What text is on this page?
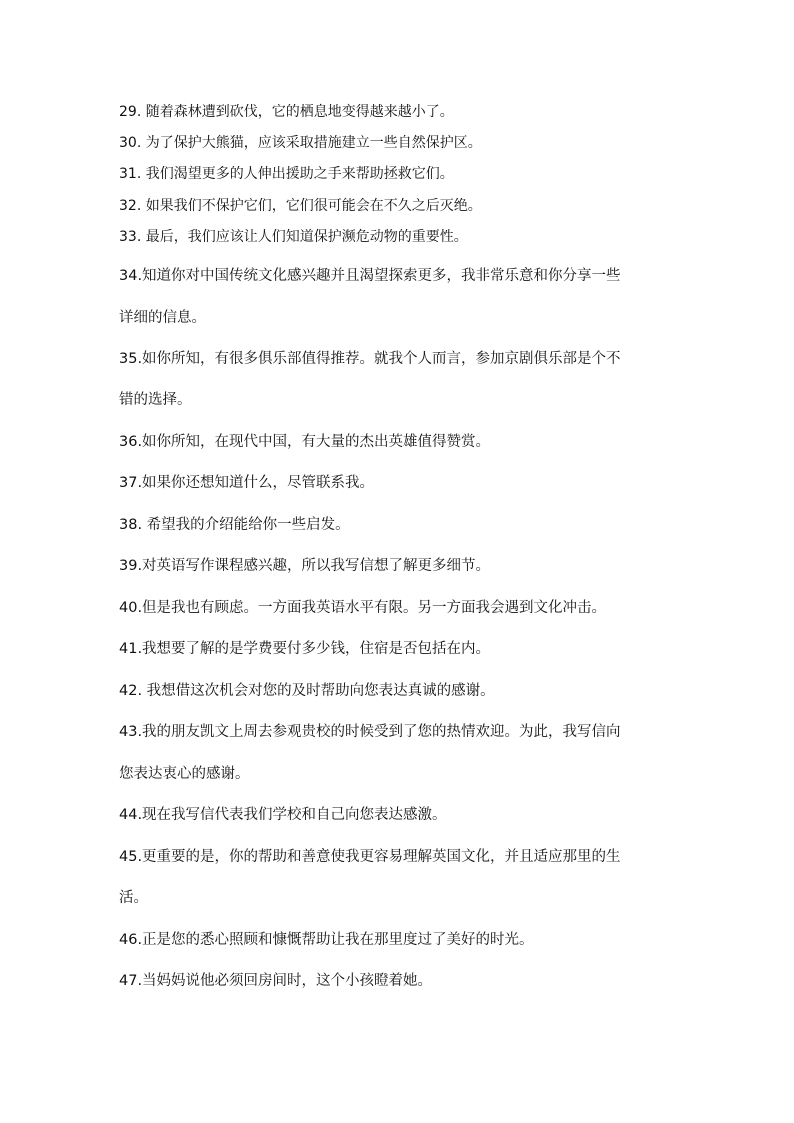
29. 随着森林遭到砍伐，它的栖息地变得越来越小了。
30. 为了保护大熊猫，应该采取措施建立一些自然保护区。
31. 我们渴望更多的人伸出援助之手来帮助拯救它们。
32. 如果我们不保护它们，它们很可能会在不久之后灭绝。
33. 最后，我们应该让人们知道保护濒危动物的重要性。
34.知道你对中国传统文化感兴趣并且渴望探索更多，我非常乐意和你分享一些
详细的信息。
35.如你所知，有很多俱乐部值得推荐。就我个人而言，参加京剧俱乐部是个不
错的选择。
36.如你所知，在现代中国，有大量的杰出英雄值得赞赏。
37.如果你还想知道什么，尽管联系我。
38. 希望我的介绍能给你一些启发。
39.对英语写作课程感兴趣，所以我写信想了解更多细节。
40.但是我也有顾虑。一方面我英语水平有限。另一方面我会遇到文化冲击。
41.我想要了解的是学费要付多少钱，住宿是否包括在内。
42. 我想借这次机会对您的及时帮助向您表达真诚的感谢。
43.我的朋友凯文上周去参观贵校的时候受到了您的热情欢迎。为此，我写信向
您表达衷心的感谢。
44.现在我写信代表我们学校和自己向您表达感激。
45.更重要的是，你的帮助和善意使我更容易理解英国文化，并且适应那里的生
活。
46.正是您的悉心照顾和慷慨帮助让我在那里度过了美好的时光。
47.当妈妈说他必须回房间时，这个小孩瞪着她。
